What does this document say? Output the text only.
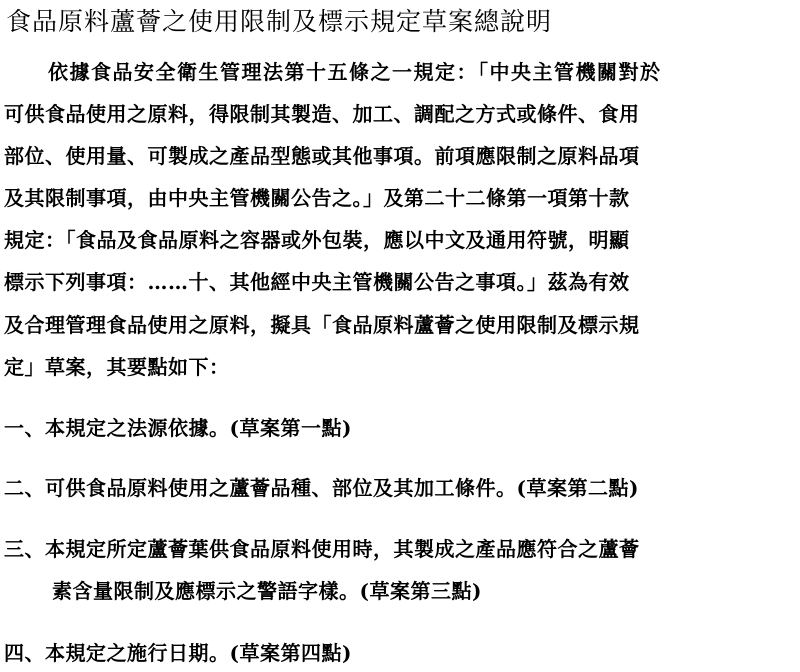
食品原料蘆薈之使用限制及標示規定草案總說明

依據食品安全衛生管理法第十五條之一規定：「中央主管機關對於

可供食品使用之原料，得限制其製造、加工、調配之方式或條件、食用

部位、使用量、可製成之產品型態或其他事項。前項應限制之原料品項

及其限制事項，由中央主管機關公告之。」及第二十二條第一項第十款

規定：「食品及食品原料之容器或外包裝，應以中文及通用符號，明顯

標示下列事項：……十、其他經中央主管機關公告之事項。」茲為有效

及合理管理食品使用之原料，擬具「食品原料蘆薈之使用限制及標示規

定」草案，其要點如下：

一、本規定之法源依據。(草案第一點)

二、可供食品原料使用之蘆薈品種、部位及其加工條件。(草案第二點)

三、本規定所定蘆薈葉供食品原料使用時，其製成之產品應符合之蘆薈

素含量限制及應標示之警語字樣。(草案第三點)

四、本規定之施行日期。(草案第四點)
